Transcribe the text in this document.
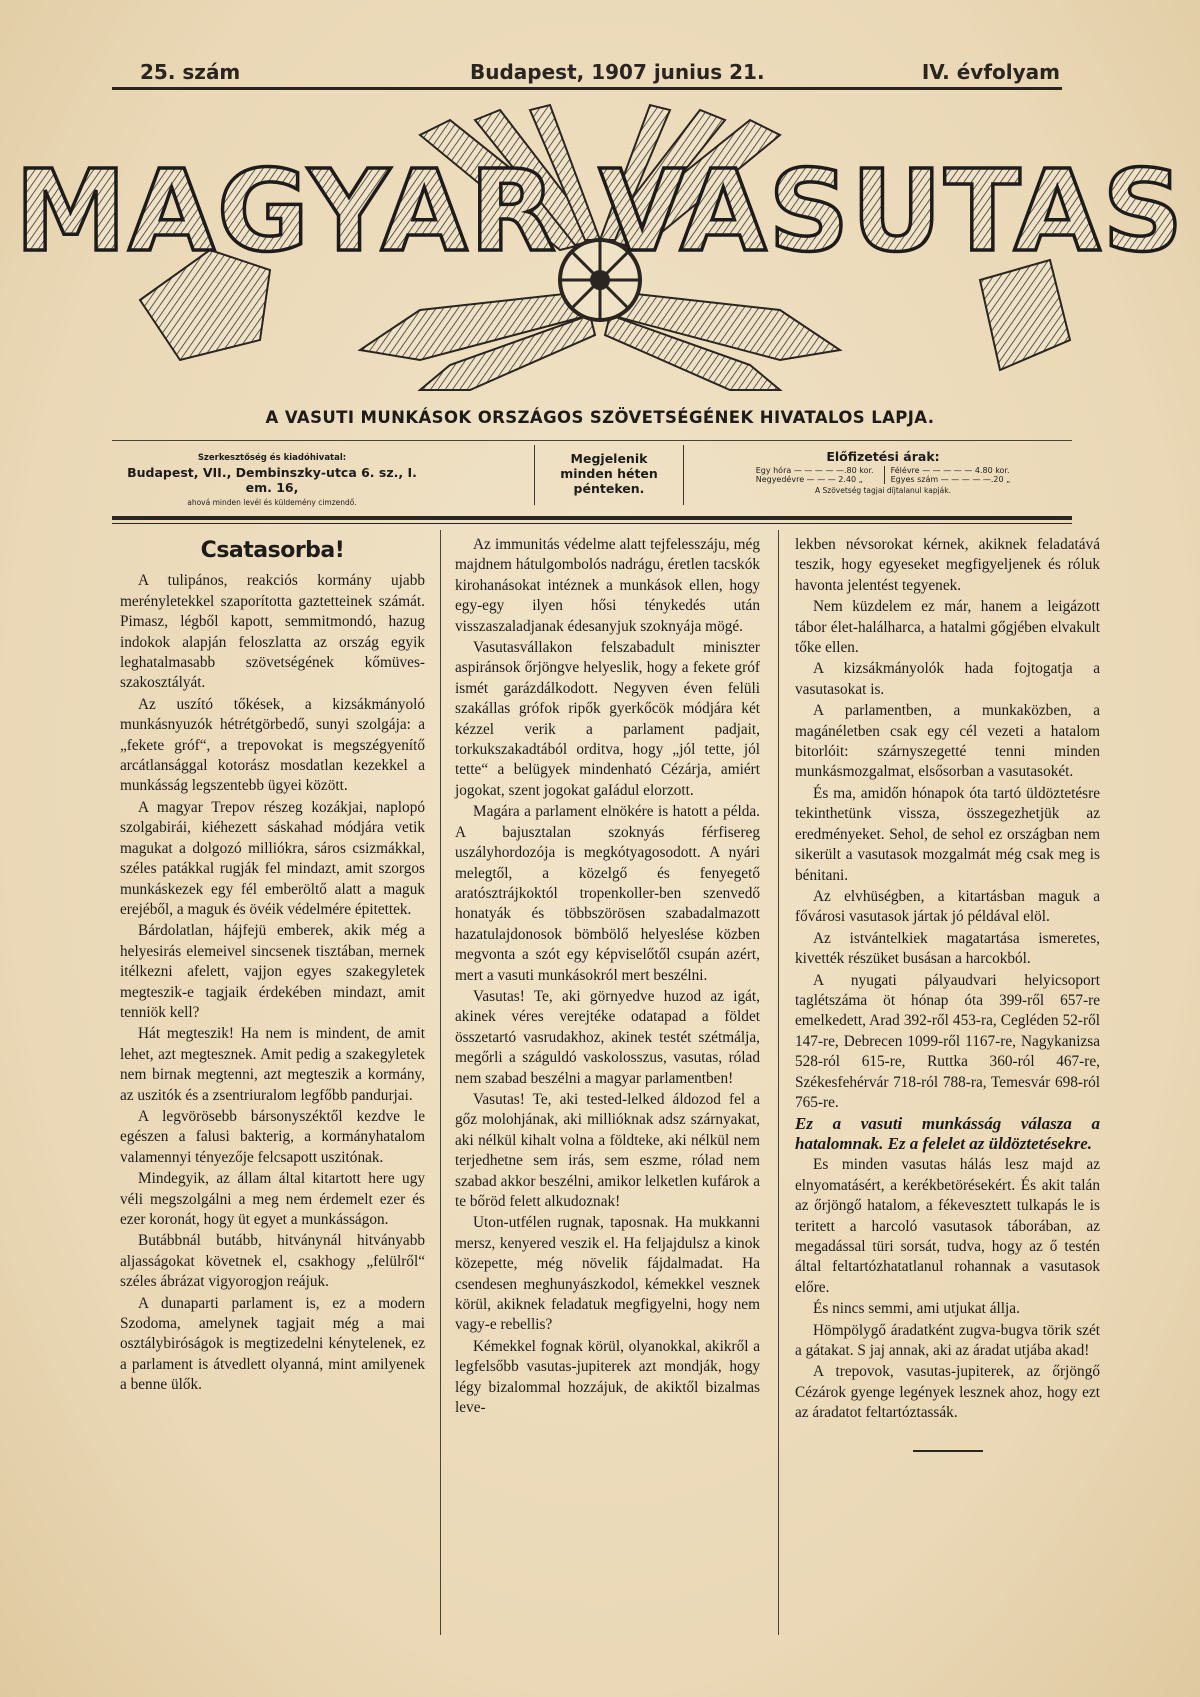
25. szám	Budapest, 1907 junius 21.	IV. évfolyam
MAGYAR VASUTAS
A VASUTI MUNKÁSOK ORSZÁGOS SZÖVETSÉGÉNEK HIVATALOS LAPJA.
Szerkesztőség és kiadóhivatal:
Budapest, VII., Dembinszky-utca 6. sz., I. em. 16,
ahová minden levél és küldemény cimzendő.
Megjelenik
minden héten
pénteken.
Előfizetési árak:
Egy hóra — — — — —.80 kor.
Negyedévre — — — 2.40 „
Félévre — — — — — 4.80 kor.
Egyes szám — — — — —.20 „
A Szövetség tagjai díjtalanul kapják.
Csatasorba!

A tulipános, reakciós kormány ujabb merényletekkel szaporította gaztetteinek számát. Pimasz, légből kapott, semmitmondó, hazug indokok alapján feloszlatta az ország egyik leghatalmasabb szövetségének kőmüves-szakosztályát.

Az uszító tőkések, a kizsákmányoló munkásnyuzók hétrétgörbedő, sunyi szolgája: a „fekete gróf“, a trepovokat is megszégyenítő arcátlansággal kotorász mosdatlan kezekkel a munkásság legszentebb ügyei között.

A magyar Trepov részeg kozákjai, naplopó szolgabirái, kiéhezett sáskahad módjára vetik magukat a dolgozó milliókra, sáros csizmákkal, széles patákkal rugják fel mindazt, amit szorgos munkáskezek egy fél emberöltő alatt a maguk erejéből, a maguk és övéik védelmére épitettek.

Bárdolatlan, hájfejü emberek, akik még a helyesirás elemeivel sincsenek tisztában, mernek itélkezni afelett, vajjon egyes szakegyletek megteszik-e tagjaik érdekében mindazt, amit tenniök kell?

Hát megteszik! Ha nem is mindent, de amit lehet, azt megtesznek. Amit pedig a szakegyletek nem birnak megtenni, azt megteszik a kormány, az uszitók és a zsentriuralom legfőbb pandurjai.

A legvörösebb bársonyszéktől kezdve le egészen a falusi bakterig, a kormányhatalom valamennyi tényezője felcsapott uszitónak.

Mindegyik, az állam által kitartott here ugy véli megszolgálni a meg nem érdemelt ezer és ezer koronát, hogy üt egyet a munkásságon.

Butábbnál butább, hitványnál hitványabb aljasságokat követnek el, csakhogy „felülről“ széles ábrázat vigyorogjon reájuk.

A dunaparti parlament is, ez a modern Szodoma, amelynek tagjait még a mai osztálybiróságok is megtizedelni kénytelenek, ez a parlament is átvedlett olyanná, mint amilyenek a benne ülők.

Az immunitás védelme alatt tejfelesszáju, még majdnem hátulgombolós nadrágu, éretlen tacskók kirohanásokat intéznek a munkások ellen, hogy egy-egy ilyen hősi ténykedés után visszaszaladjanak édesanyjuk szoknyája mögé.

Vasutasvállakon felszabadult miniszter aspiránsok őrjöngve helyeslik, hogy a fekete gróf ismét garázdálkodott. Negyven éven felüli szakállas grófok ripők gyerkőcök módjára két kézzel verik a parlament padjait, torkukszakadtából orditva, hogy „jól tette, jól tette“ a belügyek mindenható Cézárja, amiért jogokat, szent jogokat gaIádul elorzott.

Magára a parlament elnökére is hatott a példa. A bajusztalan szoknyás férfisereg uszályhordozója is megkótyagosodott. A nyári melegtől, a közelgő és fenyegető aratósztrájkoktól tropenkoller-ben szenvedő honatyák és többszörösen szabadalmazott hazatulajdonosok bömbölő helyeslése közben megvonta a szót egy képviselőtől csupán azért, mert a vasuti munkásokról mert beszélni.

Vasutas! Te, aki görnyedve huzod az igát, akinek véres verejtéke odatapad a földet összetartó vasrudakhoz, akinek testét szétmálja, megőrli a száguldó vaskolosszus, vasutas, rólad nem szabad beszélni a magyar parlamentben!

Vasutas! Te, aki tested-lelked áldozod fel a gőz molohjának, aki millióknak adsz szárnyakat, aki nélkül kihalt volna a földteke, aki nélkül nem terjedhetne sem irás, sem eszme, rólad nem szabad akkor beszélni, amikor lelketlen kufárok a te bőröd felett alkudoznak!

Uton-utfélen rugnak, taposnak. Ha mukkanni mersz, kenyered veszik el. Ha feljajdulsz a kinok közepette, még növelik fájdalmadat. Ha csendesen meghunyászkodol, kémekkel vesznek körül, akiknek feladatuk megfigyelni, hogy nem vagy-e rebellis?

Kémekkel fognak körül, olyanokkal, akikről a legfelsőbb vasutas-jupiterek azt mondják, hogy légy bizalommal hozzájuk, de akiktől bizalmas leve-

lekben névsorokat kérnek, akiknek feladatává teszik, hogy egyeseket megfigyeljenek és róluk havonta jelentést tegyenek.

Nem küzdelem ez már, hanem a leigázott tábor élet-halálharca, a hatalmi gőgjében elvakult tőke ellen.

A kizsákmányolók hada fojtogatja a vasutasokat is.

A parlamentben, a munkaközben, a magánéletben csak egy cél vezeti a hatalom bitorlóit: szárnyszegetté tenni minden munkásmozgalmat, elsősorban a vasutasokét.

És ma, amidőn hónapok óta tartó üldöztetésre tekinthetünk vissza, összegezhetjük az eredményeket. Sehol, de sehol ez országban nem sikerült a vasutasok mozgalmát még csak meg is bénitani.

Az elvhüségben, a kitartásban maguk a fővárosi vasutasok jártak jó példával elöl.

Az istvántelkiek magatartása ismeretes, kivették részüket busásan a harcokból.

A nyugati pályaudvari helyicsoport taglétszáma öt hónap óta 399-ről 657-re emelkedett, Arad 392-ről 453-ra, Cegléden 52-ről 147-re, Debrecen 1099-ről 1167-re, Nagykanizsa 528-ról 615-re, Ruttka 360-ról 467-re, Székesfehérvár 718-ról 788-ra, Temesvár 698-ról 765-re.

Ez a vasuti munkásság válasza a hatalomnak. Ez a felelet az üldöztetésekre.

Es minden vasutas hálás lesz majd az elnyomatásért, a kerékbetörésekért. És akit talán az őrjöngő hatalom, a fékevesztett tulkapás le is teritett a harcoló vasutasok táborában, az megadással türi sorsát, tudva, hogy az ő testén által feltartózhatatlanul rohannak a vasutasok előre.

És nincs semmi, ami utjukat állja.

Hömpölygő áradatként zugva-bugva törik szét a gátakat. S jaj annak, aki az áradat utjába akad!

A trepovok, vasutas-jupiterek, az őrjöngő Cézárok gyenge legények lesznek ahoz, hogy ezt az áradatot feltartóztassák.
